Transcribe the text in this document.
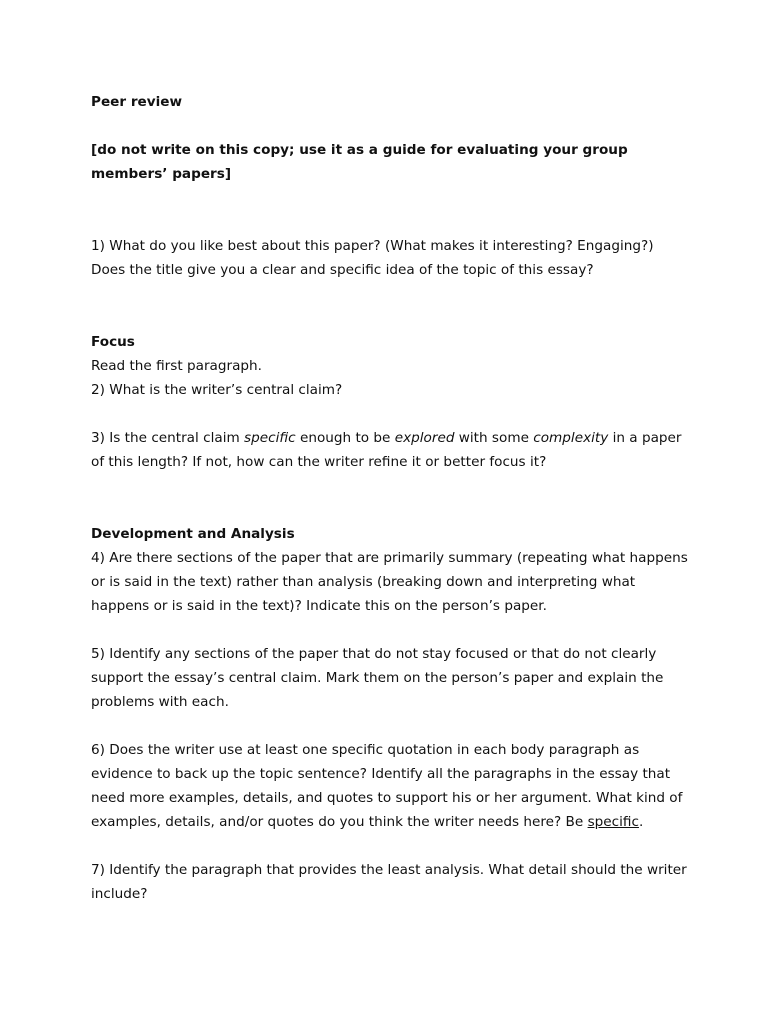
Peer review

[do not write on this copy; use it as a guide for evaluating your group members’ papers]

1) What do you like best about this paper? (What makes it interesting? Engaging?) Does the title give you a clear and specific idea of the topic of this essay?

Focus

Read the first paragraph.

2) What is the writer’s central claim?

3) Is the central claim specific enough to be explored with some complexity in a paper of this length? If not, how can the writer refine it or better focus it?

Development and Analysis

4) Are there sections of the paper that are primarily summary (repeating what happens or is said in the text) rather than analysis (breaking down and interpreting what happens or is said in the text)? Indicate this on the person’s paper.

5) Identify any sections of the paper that do not stay focused or that do not clearly support the essay’s central claim. Mark them on the person’s paper and explain the problems with each.

6) Does the writer use at least one specific quotation in each body paragraph as evidence to back up the topic sentence? Identify all the paragraphs in the essay that need more examples, details, and quotes to support his or her argument. What kind of examples, details, and/or quotes do you think the writer needs here? Be specific.

7) Identify the paragraph that provides the least analysis. What detail should the writer include?
